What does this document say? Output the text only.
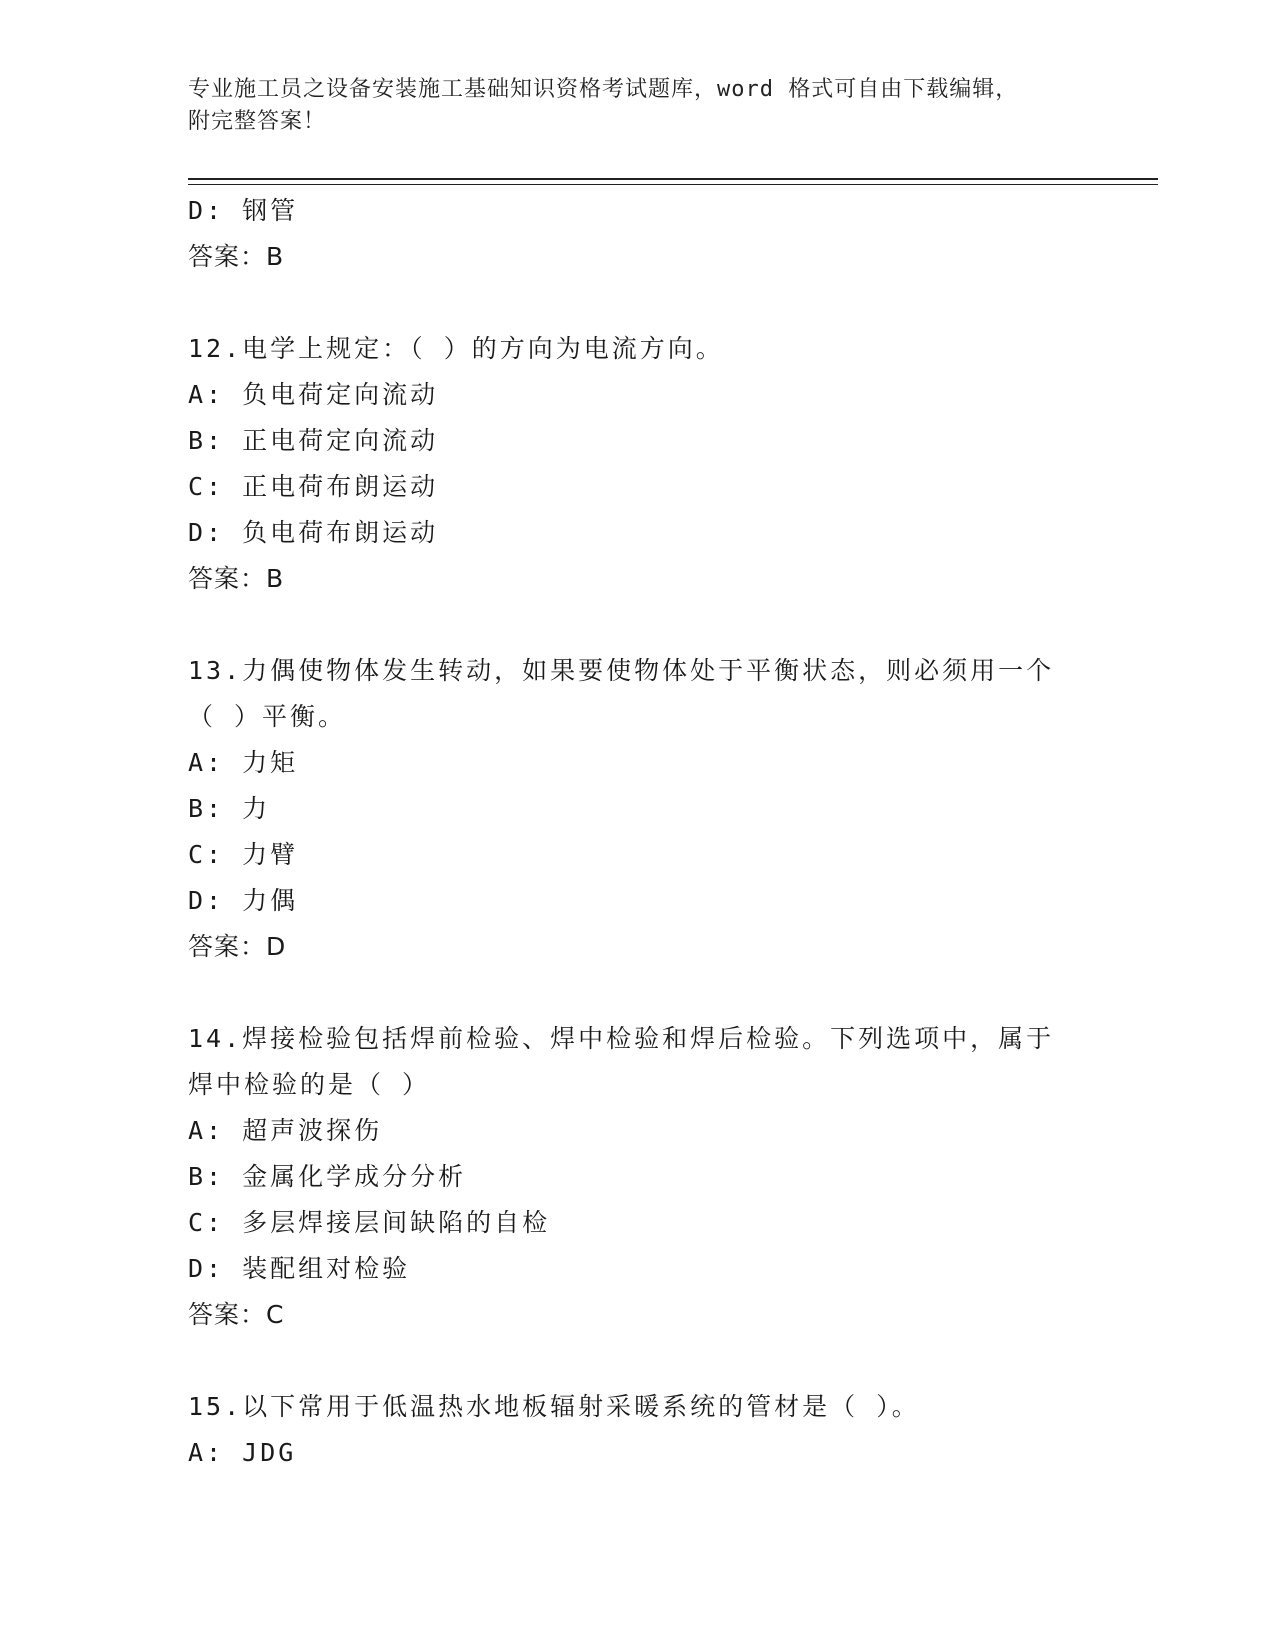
专业施工员之设备安装施工基础知识资格考试题库，word 格式可自由下载编辑，
附完整答案！
D: 钢管
答案：B
12.电学上规定：（ ）的方向为电流方向。
A: 负电荷定向流动
B: 正电荷定向流动
C: 正电荷布朗运动
D: 负电荷布朗运动
答案：B
13.力偶使物体发生转动，如果要使物体处于平衡状态，则必须用一个
（ ）平衡。
A: 力矩
B: 力
C: 力臂
D: 力偶
答案：D
14.焊接检验包括焊前检验、焊中检验和焊后检验。下列选项中，属于
焊中检验的是（ ）
A: 超声波探伤
B: 金属化学成分分析
C: 多层焊接层间缺陷的自检
D: 装配组对检验
答案：C
15.以下常用于低温热水地板辐射采暖系统的管材是（ ）。
A: JDG
